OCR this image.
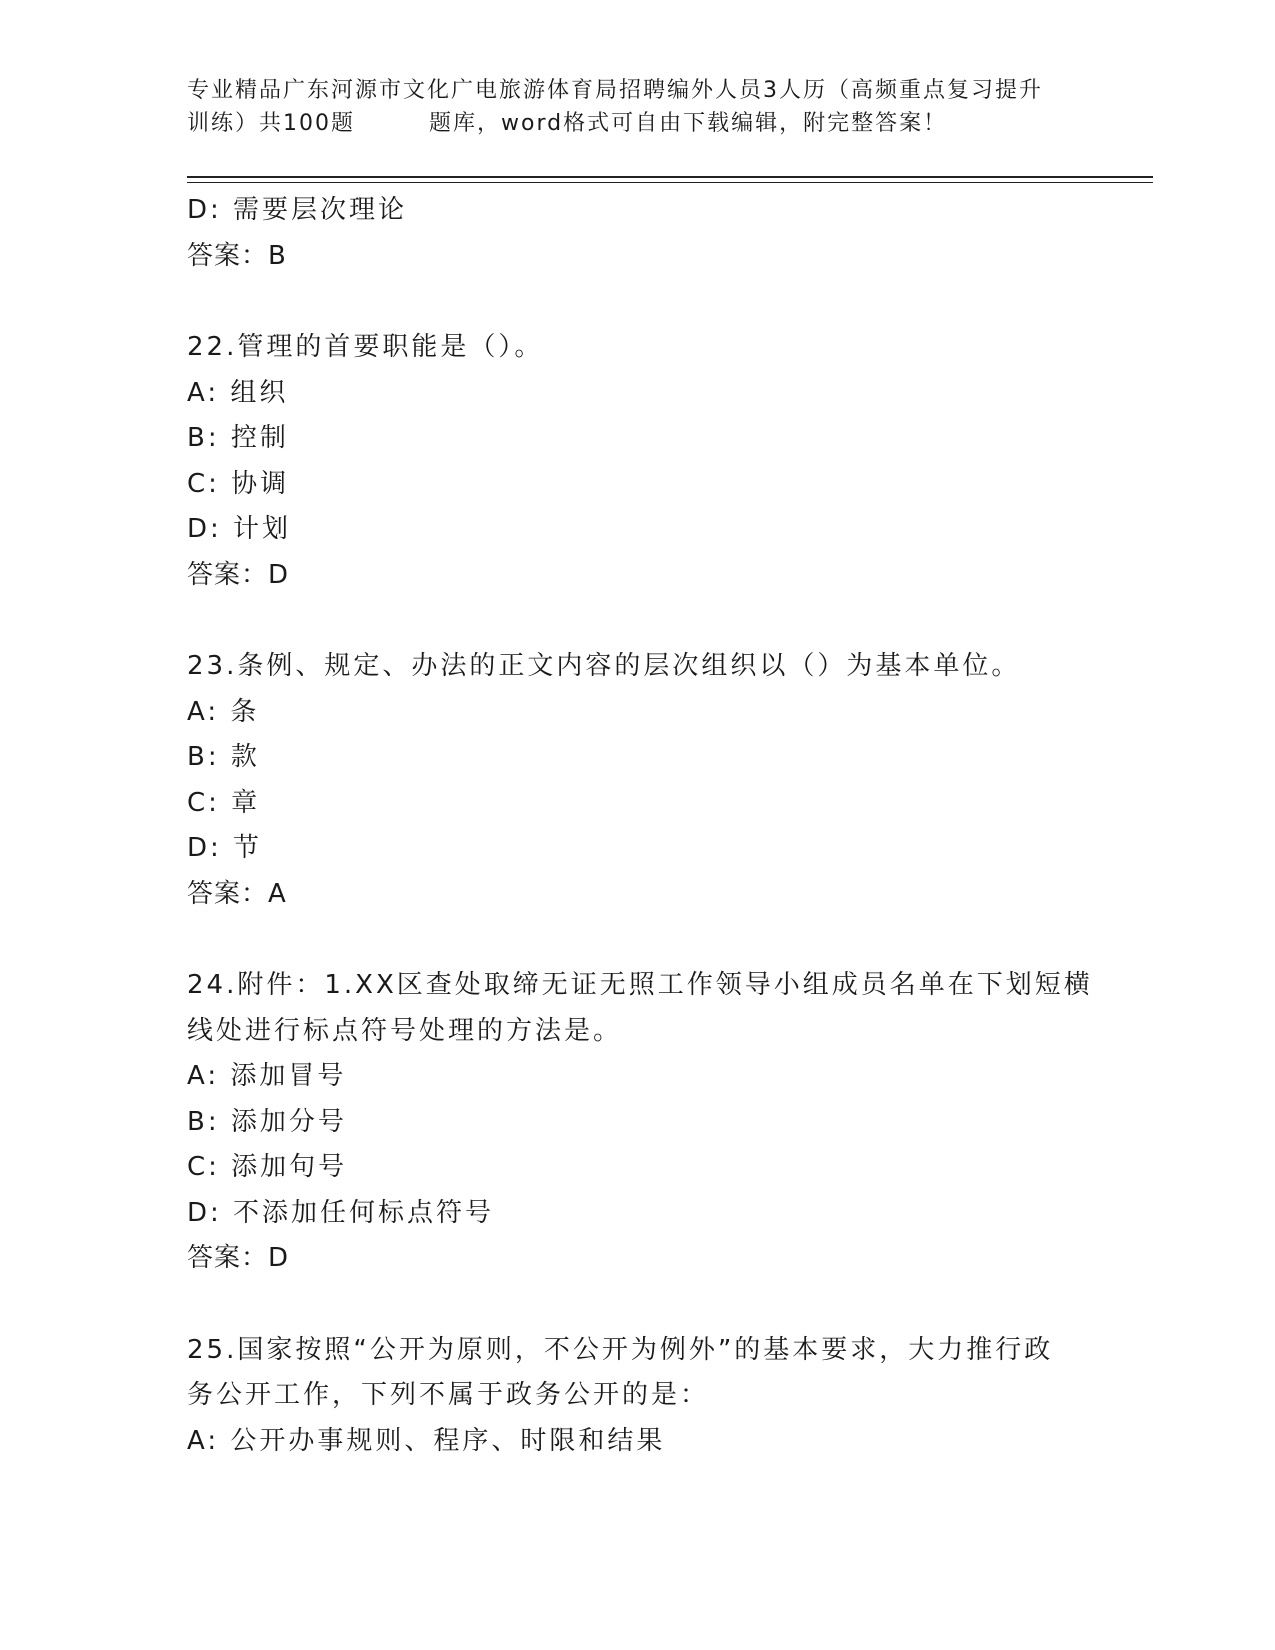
专业精品广东河源市文化广电旅游体育局招聘编外人员3人历（高频重点复习提升
训练）共100题	题库，word格式可自由下载编辑，附完整答案！
D: 需要层次理论
答案：B
22.管理的首要职能是（）。
A: 组织
B: 控制
C: 协调
D: 计划
答案：D
23.条例、规定、办法的正文内容的层次组织以（）为基本单位。
A: 条
B: 款
C: 章
D: 节
答案：A
24.附件：1.XX区查处取缔无证无照工作领导小组成员名单在下划短横
线处进行标点符号处理的方法是。
A: 添加冒号
B: 添加分号
C: 添加句号
D: 不添加任何标点符号
答案：D
25.国家按照“公开为原则，不公开为例外”的基本要求，大力推行政
务公开工作，下列不属于政务公开的是：
A: 公开办事规则、程序、时限和结果
